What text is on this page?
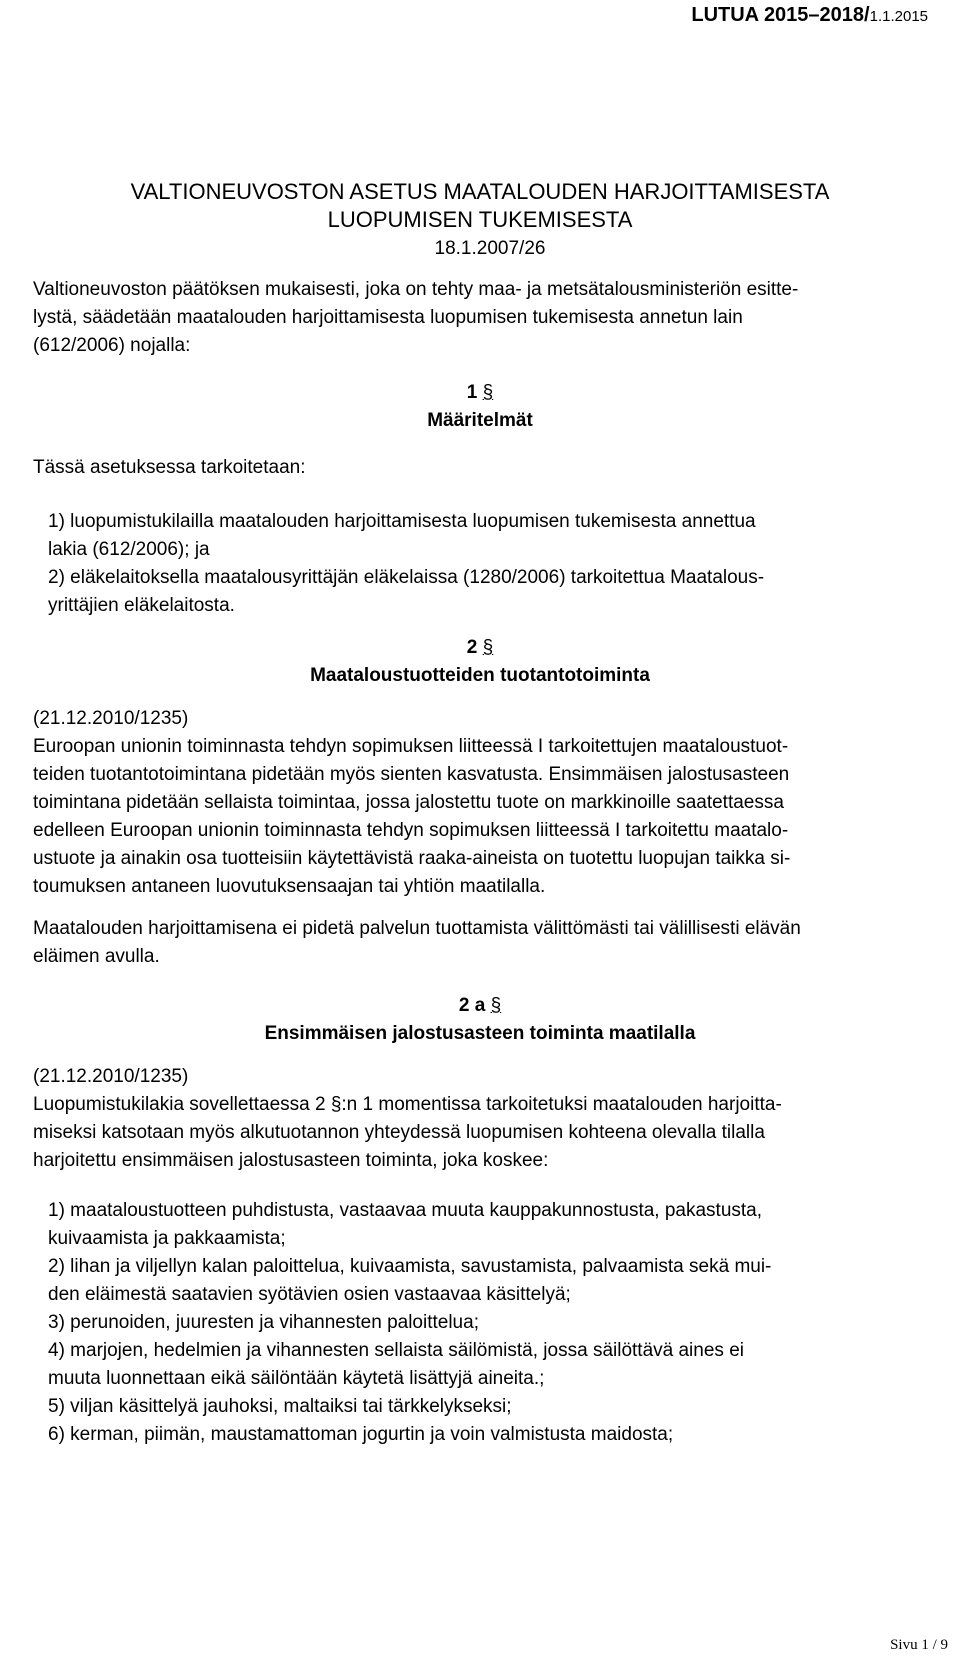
LUTUA 2015–2018/1.1.2015
VALTIONEUVOSTON ASETUS MAATALOUDEN HARJOITTAMISESTA
LUOPUMISEN TUKEMISESTA
18.1.2007/26
Valtioneuvoston päätöksen mukaisesti, joka on tehty maa- ja metsätalousministeriön esitte-
lystä, säädetään maatalouden harjoittamisesta luopumisen tukemisesta annetun lain
(612/2006) nojalla:
1 §
Määritelmät
Tässä asetuksessa tarkoitetaan:
1) luopumistukilailla maatalouden harjoittamisesta luopumisen tukemisesta annettua
lakia (612/2006); ja
2) eläkelaitoksella maatalousyrittäjän eläkelaissa (1280/2006) tarkoitettua Maatalous-
yrittäjien eläkelaitosta.
2 §
Maataloustuotteiden tuotantotoiminta
(21.12.2010/1235)
Euroopan unionin toiminnasta tehdyn sopimuksen liitteessä I tarkoitettujen maataloustuot-
teiden tuotantotoimintana pidetään myös sienten kasvatusta. Ensimmäisen jalostusasteen
toimintana pidetään sellaista toimintaa, jossa jalostettu tuote on markkinoille saatettaessa
edelleen Euroopan unionin toiminnasta tehdyn sopimuksen liitteessä I tarkoitettu maatalo-
ustuote ja ainakin osa tuotteisiin käytettävistä raaka-aineista on tuotettu luopujan taikka si-
toumuksen antaneen luovutuksensaajan tai yhtiön maatilalla.
Maatalouden harjoittamisena ei pidetä palvelun tuottamista välittömästi tai välillisesti elävän
eläimen avulla.
2 a §
Ensimmäisen jalostusasteen toiminta maatilalla
(21.12.2010/1235)
Luopumistukilakia sovellettaessa 2 §:n 1 momentissa tarkoitetuksi maatalouden harjoitta-
miseksi katsotaan myös alkutuotannon yhteydessä luopumisen kohteena olevalla tilalla
harjoitettu ensimmäisen jalostusasteen toiminta, joka koskee:
1) maataloustuotteen puhdistusta, vastaavaa muuta kauppakunnostusta, pakastusta,
kuivaamista ja pakkaamista;
2) lihan ja viljellyn kalan paloittelua, kuivaamista, savustamista, palvaamista sekä mui-
den eläimestä saatavien syötävien osien vastaavaa käsittelyä;
3) perunoiden, juuresten ja vihannesten paloittelua;
4) marjojen, hedelmien ja vihannesten sellaista säilömistä, jossa säilöttävä aines ei
muuta luonnettaan eikä säilöntään käytetä lisättyjä aineita.;
5) viljan käsittelyä jauhoksi, maltaiksi tai tärkkelykseksi;
6) kerman, piimän, maustamattoman jogurtin ja voin valmistusta maidosta;
Sivu 1 / 9
